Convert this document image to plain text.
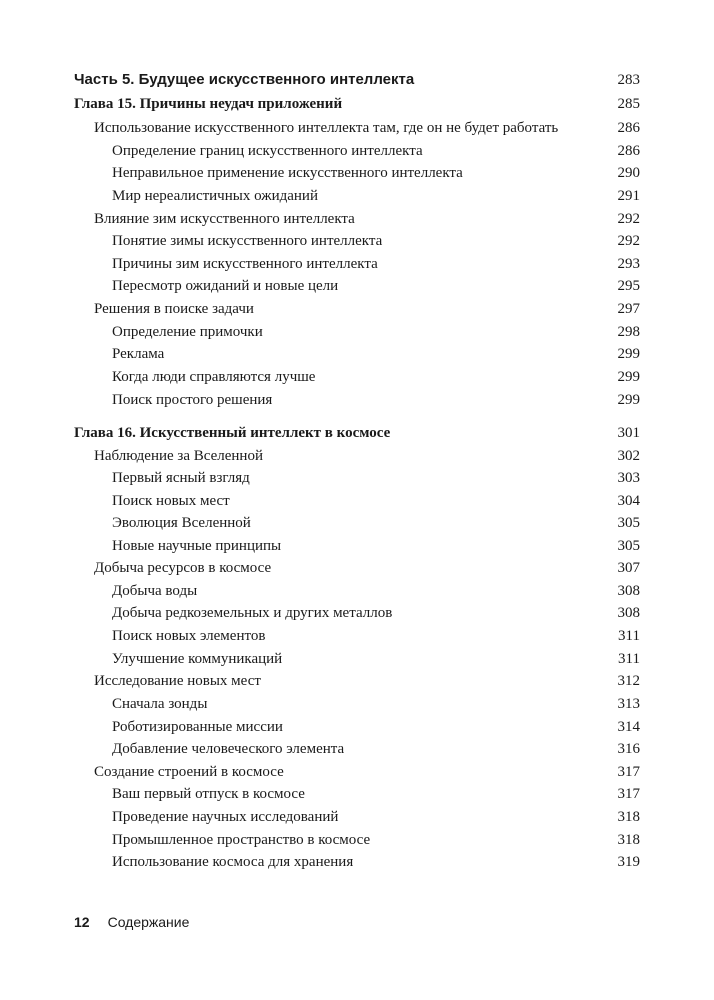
Часть 5. Будущее искусственного интеллекта	283
Глава 15. Причины неудач приложений	285
Использование искусственного интеллекта там, где он не будет работать	286
Определение границ искусственного интеллекта	286
Неправильное применение искусственного интеллекта	290
Мир нереалистичных ожиданий	291
Влияние зим искусственного интеллекта	292
Понятие зимы искусственного интеллекта	292
Причины зим искусственного интеллекта	293
Пересмотр ожиданий и новые цели	295
Решения в поиске задачи	297
Определение примочки	298
Реклама	299
Когда люди справляются лучше	299
Поиск простого решения	299
Глава 16. Искусственный интеллект в космосе	301
Наблюдение за Вселенной	302
Первый ясный взгляд	303
Поиск новых мест	304
Эволюция Вселенной	305
Новые научные принципы	305
Добыча ресурсов в космосе	307
Добыча воды	308
Добыча редкоземельных и других металлов	308
Поиск новых элементов	311
Улучшение коммуникаций	311
Исследование новых мест	312
Сначала зонды	313
Роботизированные миссии	314
Добавление человеческого элемента	316
Создание строений в космосе	317
Ваш первый отпуск в космосе	317
Проведение научных исследований	318
Промышленное пространство в космосе	318
Использование космоса для хранения	319
12 Содержание
